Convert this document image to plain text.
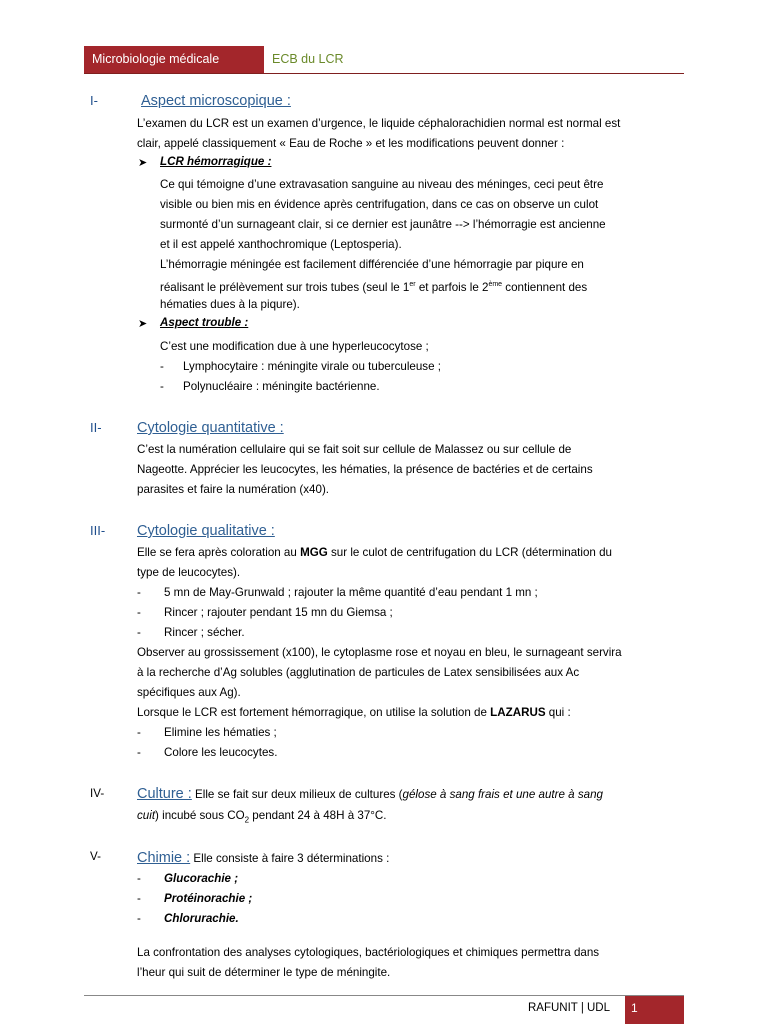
Microbiologie médicale	ECB du LCR
I-	Aspect microscopique :
L’examen du LCR est un examen d’urgence, le liquide céphalorachidien normal est normal est
clair, appelé classiquement « Eau de Roche » et les modifications peuvent donner :
➤ LCR hémorragique :
Ce qui témoigne d’une extravasation sanguine au niveau des méninges, ceci peut être
visible ou bien mis en évidence après centrifugation, dans ce cas on observe un culot
surmonté d’un surnageant clair, si ce dernier est jaunâtre --> l’hémorragie est ancienne
et il est appelé xanthochromique (Leptosperia).
L’hémorragie méningée est facilement différenciée d’une hémorragie par piqure en
réalisant le prélèvement sur trois tubes (seul le 1er et parfois le 2ème contiennent des
hématies dues à la piqure).
➤ Aspect trouble :
C’est une modification due à une hyperleucocytose ;
- Lymphocytaire : méningite virale ou tuberculeuse ;
- Polynucléaire : méningite bactérienne.
II- Cytologie quantitative :
C’est la numération cellulaire qui se fait soit sur cellule de Malassez ou sur cellule de
Nageotte. Apprécier les leucocytes, les hématies, la présence de bactéries et de certains
parasites et faire la numération (x40).
III- Cytologie qualitative :
Elle se fera après coloration au MGG sur le culot de centrifugation du LCR (détermination du
type de leucocytes).
- 5 mn de May-Grunwald ; rajouter la même quantité d’eau pendant 1 mn ;
- Rincer ; rajouter pendant 15 mn du Giemsa ;
- Rincer ; sécher.
Observer au grossissement (x100), le cytoplasme rose et noyau en bleu, le surnageant servira
à la recherche d’Ag solubles (agglutination de particules de Latex sensibilisées aux Ac
spécifiques aux Ag).
Lorsque le LCR est fortement hémorragique, on utilise la solution de LAZARUS qui :
- Elimine les hématies ;
- Colore les leucocytes.
IV- Culture : Elle se fait sur deux milieux de cultures (gélose à sang frais et une autre à sang
cuit) incubé sous $CO_2$ pendant 24 à 48H à 37°C.
V- Chimie : Elle consiste à faire 3 déterminations :
- Glucorachie ;
- Protéinorachie ;
- Chlorurachie.
La confrontation des analyses cytologiques, bactériologiques et chimiques permettra dans
l’heur qui suit de déterminer le type de méningite.
RAFUNIT | UDL	1
